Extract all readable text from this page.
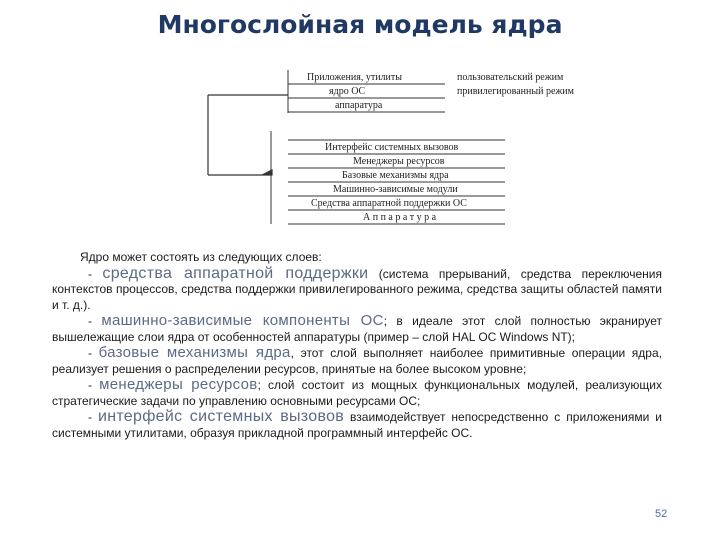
Многослойная модель ядра
Приложения, утилиты
ядро ОС
аппаратура
пользовательский режим
привилегированный режим
Интерфейс системных вызовов
Менеджеры ресурсов
Базовые механизмы ядра
Машинно-зависимые модули
Средства аппаратной поддержки ОС
А п п а р а т у р а

Ядро может состоять из следующих слоев:

- средства аппаратной поддержки (система прерываний, средства переключения контекстов процессов, средства поддержки привилегированного режима, средства защиты областей памяти и т. д.).

- машинно-зависимые компоненты ОС; в идеале этот слой полностью экранирует вышележащие слои ядра от особенностей аппаратуры (пример – слой HAL ОС Windows NT);

- базовые механизмы ядра, этот слой выполняет наиболее примитивные операции ядра, реализует решения о распределении ресурсов, принятые на более высоком уровне;

- менеджеры ресурсов; слой состоит из мощных функциональных модулей, реализующих стратегические задачи по управлению основными ресурсами ОС;

- интерфейс системных вызовов взаимодействует непосредственно с приложениями и системными утилитами, образуя прикладной программный интерфейс ОС.

52
